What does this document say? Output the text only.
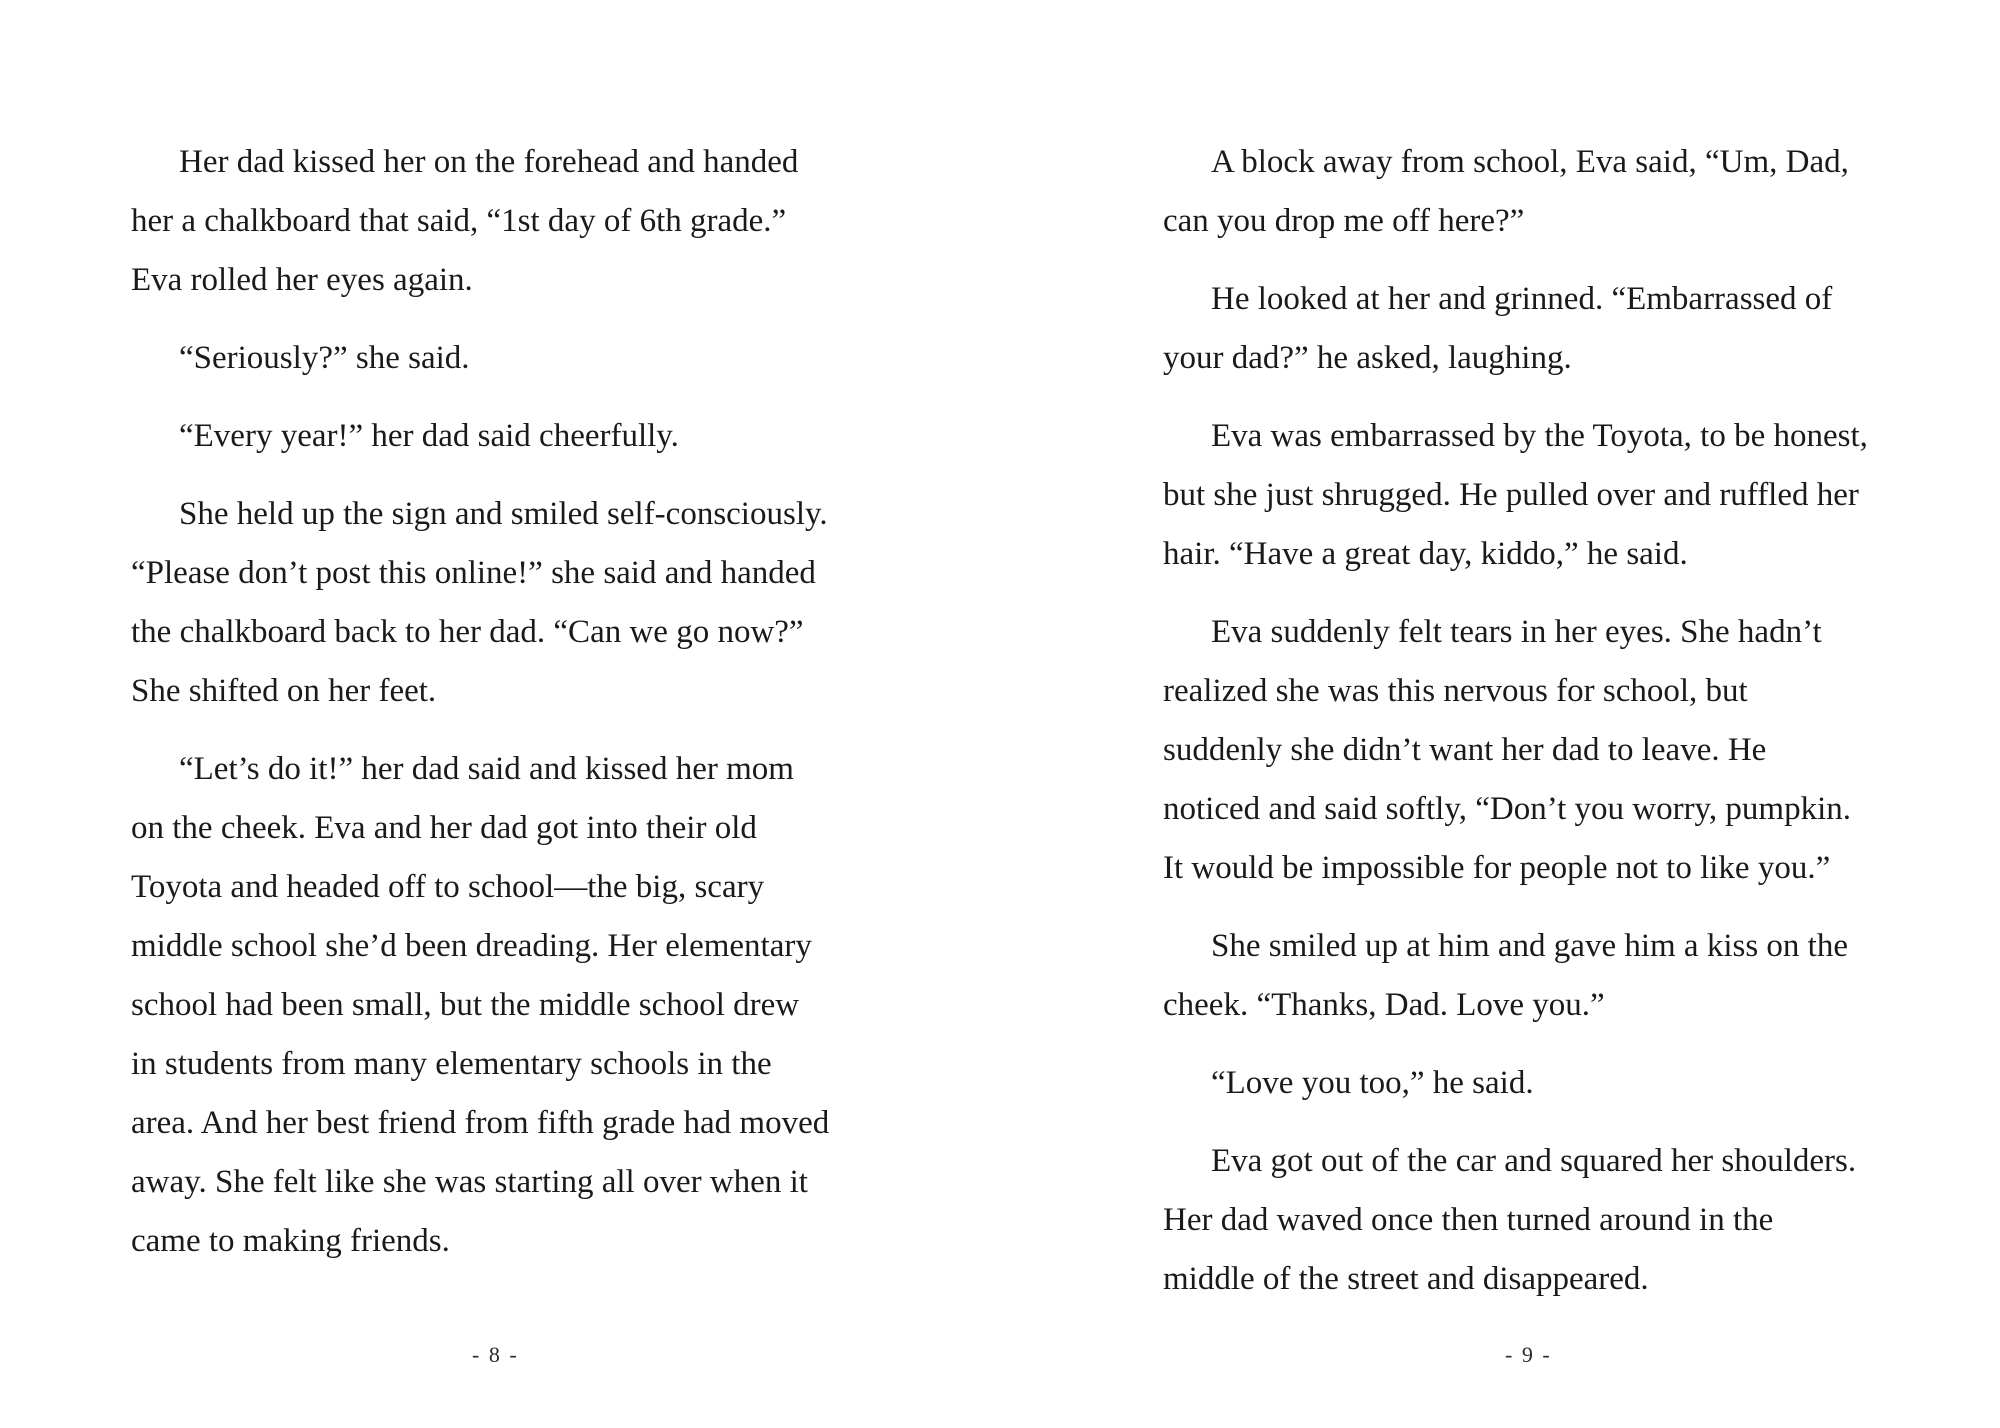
Her dad kissed her on the forehead and handed
her a chalkboard that said, “1st day of 6th grade.”
Eva rolled her eyes again.

“Seriously?” she said.

“Every year!” her dad said cheerfully.

She held up the sign and smiled self-consciously.
“Please don’t post this online!” she said and handed
the chalkboard back to her dad. “Can we go now?”
She shifted on her feet.

“Let’s do it!” her dad said and kissed her mom
on the cheek. Eva and her dad got into their old
Toyota and headed off to school—the big, scary
middle school she’d been dreading. Her elementary
school had been small, but the middle school drew
in students from many elementary schools in the
area. And her best friend from fifth grade had moved
away. She felt like she was starting all over when it
came to making friends.

A block away from school, Eva said, “Um, Dad,
can you drop me off here?”

He looked at her and grinned. “Embarrassed of
your dad?” he asked, laughing.

Eva was embarrassed by the Toyota, to be honest,
but she just shrugged. He pulled over and ruffled her
hair. “Have a great day, kiddo,” he said.

Eva suddenly felt tears in her eyes. She hadn’t
realized she was this nervous for school, but
suddenly she didn’t want her dad to leave. He
noticed and said softly, “Don’t you worry, pumpkin.
It would be impossible for people not to like you.”

She smiled up at him and gave him a kiss on the
cheek. “Thanks, Dad. Love you.”

“Love you too,” he said.

Eva got out of the car and squared her shoulders.
Her dad waved once then turned around in the
middle of the street and disappeared.

- 8 -	- 9 -
